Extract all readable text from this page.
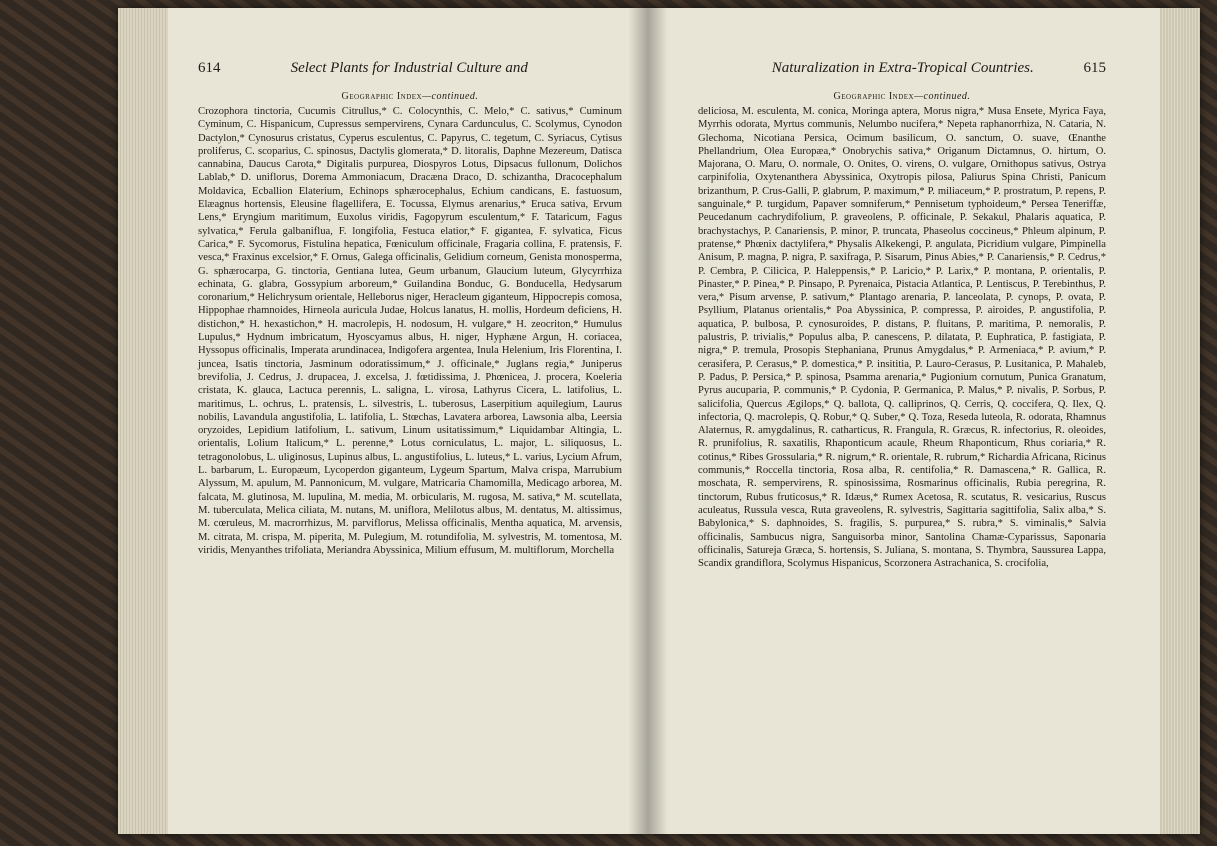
614	Select Plants for Industrial Culture and
Geographic Index—continued.
Crozophora tinctoria, Cucumis Citrullus,* C. Colocynthis, C. Melo,* C. sativus,* Cuminum Cyminum, C. Hispanicum, Cupressus sempervirens, Cynara Cardunculus, C. Scolymus, Cynodon Dactylon,* Cynosurus cristatus, Cyperus esculentus, C. Papyrus, C. tegetum, C. Syriacus, Cytisus proliferus, C. scoparius, C. spinosus, Dactylis glomerata,* D. litoralis, Daphne Mezereum, Datisca cannabina, Daucus Carota,* Digitalis purpurea, Diospyros Lotus, Dipsacus fullonum, Dolichos Lablab,* D. uniflorus, Dorema Ammoniacum, Dracæna Draco, D. schizantha, Dracocephalum Moldavica, Ecballion Elaterium, Echinops sphærocephalus, Echium candicans, E. fastuosum, Elæagnus hortensis, Eleusine flagellifera, E. Tocussa, Elymus arenarius,* Eruca sativa, Ervum Lens,* Eryngium maritimum, Euxolus viridis, Fagopyrum esculentum,* F. Tataricum, Fagus sylvatica,* Ferula galbaniflua, F. longifolia, Festuca elatior,* F. gigantea, F. sylvatica, Ficus Carica,* F. Sycomorus, Fistulina hepatica, Fœniculum officinale, Fragaria collina, F. pratensis, F. vesca,* Fraxinus excelsior,* F. Ornus, Galega officinalis, Gelidium corneum, Genista monosperma, G. sphærocarpa, G. tinctoria, Gentiana lutea, Geum urbanum, Glaucium luteum, Glycyrrhiza echinata, G. glabra, Gossypium arboreum,* Guilandina Bonduc, G. Bonducella, Hedysarum coronarium,* Helichrysum orientale, Helleborus niger, Heracleum giganteum, Hippocrepis comosa, Hippophae rhamnoides, Hirneola auricula Judae, Holcus lanatus, H. mollis, Hordeum deficiens, H. distichon,* H. hexastichon,* H. macrolepis, H. nodosum, H. vulgare,* H. zeocriton,* Humulus Lupulus,* Hydnum imbricatum, Hyoscyamus albus, H. niger, Hyphæne Argun, H. coriacea, Hyssopus officinalis, Imperata arundinacea, Indigofera argentea, Inula Helenium, Iris Florentina, I. juncea, Isatis tinctoria, Jasminum odoratissimum,* J. officinale,* Juglans regia,* Juniperus brevifolia, J. Cedrus, J. drupacea, J. excelsa, J. fœtidissima, J. Phœnicea, J. procera, Koeleria cristata, K. glauca, Lactuca perennis, L. saligna, L. virosa, Lathyrus Cicera, L. latifolius, L. maritimus, L. ochrus, L. pratensis, L. silvestris, L. tuberosus, Laserpitium aquilegium, Laurus nobilis, Lavandula angustifolia, L. latifolia, L. Stœchas, Lavatera arborea, Lawsonia alba, Leersia oryzoides, Lepidium latifolium, L. sativum, Linum usitatissimum,* Liquidambar Altingia, L. orientalis, Lolium Italicum,* L. perenne,* Lotus corniculatus, L. major, L. siliquosus, L. tetragonolobus, L. uliginosus, Lupinus albus, L. angustifolius, L. luteus,* L. varius, Lycium Afrum, L. barbarum, L. Europæum, Lycoperdon giganteum, Lygeum Spartum, Malva crispa, Marrubium Alyssum, M. apulum, M. Pannonicum, M. vulgare, Matricaria Chamomilla, Medicago arborea, M. falcata, M. glutinosa, M. lupulina, M. media, M. orbicularis, M. rugosa, M. sativa,* M. scutellata, M. tuberculata, Melica ciliata, M. nutans, M. uniflora, Melilotus albus, M. dentatus, M. altissimus, M. cœruleus, M. macrorrhizus, M. parviflorus, Melissa officinalis, Mentha aquatica, M. arvensis, M. citrata, M. crispa, M. piperita, M. Pulegium, M. rotundifolia, M. sylvestris, M. tomentosa, M. viridis, Menyanthes trifoliata, Meriandra Abyssinica, Milium effusum, M. multiflorum, Morchella
Naturalization in Extra-Tropical Countries.	615
Geographic Index—continued.
deliciosa, M. esculenta, M. conica, Moringa aptera, Morus nigra,* Musa Ensete, Myrica Faya, Myrrhis odorata, Myrtus communis, Nelumbo nucifera,* Nepeta raphanorrhiza, N. Cataria, N. Glechoma, Nicotiana Persica, Ocimum basilicum, O. sanctum, O. suave, Œnanthe Phellandrium, Olea Europæa,* Onobrychis sativa,* Origanum Dictamnus, O. hirtum, O. Majorana, O. Maru, O. normale, O. Onites, O. virens, O. vulgare, Ornithopus sativus, Ostrya carpinifolia, Oxytenanthera Abyssinica, Oxytropis pilosa, Paliurus Spina Christi, Panicum brizanthum, P. Crus-Galli, P. glabrum, P. maximum,* P. miliaceum,* P. prostratum, P. repens, P. sanguinale,* P. turgidum, Papaver somniferum,* Pennisetum typhoideum,* Persea Teneriffæ, Peucedanum cachrydifolium, P. graveolens, P. officinale, P. Sekakul, Phalaris aquatica, P. brachystachys, P. Canariensis, P. minor, P. truncata, Phaseolus coccineus,* Phleum alpinum, P. pratense,* Phœnix dactylifera,* Physalis Alkekengi, P. angulata, Picridium vulgare, Pimpinella Anisum, P. magna, P. nigra, P. saxifraga, P. Sisarum, Pinus Abies,* P. Canariensis,* P. Cedrus,* P. Cembra, P. Cilicica, P. Haleppensis,* P. Laricio,* P. Larix,* P. montana, P. orientalis, P. Pinaster,* P. Pinea,* P. Pinsapo, P. Pyrenaica, Pistacia Atlantica, P. Lentiscus, P. Terebinthus, P. vera,* Pisum arvense, P. sativum,* Plantago arenaria, P. lanceolata, P. cynops, P. ovata, P. Psyllium, Platanus orientalis,* Poa Abyssinica, P. compressa, P. airoides, P. angustifolia, P. aquatica, P. bulbosa, P. cynosuroides, P. distans, P. fluitans, P. maritima, P. nemoralis, P. palustris, P. trivialis,* Populus alba, P. canescens, P. dilatata, P. Euphratica, P. fastigiata, P. nigra,* P. tremula, Prosopis Stephaniana, Prunus Amygdalus,* P. Armeniaca,* P. avium,* P. cerasifera, P. Cerasus,* P. domestica,* P. insititia, P. Lauro-Cerasus, P. Lusitanica, P. Mahaleb, P. Padus, P. Persica,* P. spinosa, Psamma arenaria,* Pugionium cornutum, Punica Granatum, Pyrus aucuparia, P. communis,* P. Cydonia, P. Germanica, P. Malus,* P. nivalis, P. Sorbus, P. salicifolia, Quercus Ægilops,* Q. ballota, Q. calliprinos, Q. Cerris, Q. coccifera, Q. Ilex, Q. infectoria, Q. macrolepis, Q. Robur,* Q. Suber,* Q. Toza, Reseda luteola, R. odorata, Rhamnus Alaternus, R. amygdalinus, R. catharticus, R. Frangula, R. Græcus, R. infectorius, R. oleoides, R. prunifolius, R. saxatilis, Rhaponticum acaule, Rheum Rhaponticum, Rhus coriaria,* R. cotinus,* Ribes Grossularia,* R. nigrum,* R. orientale, R. rubrum,* Richardia Africana, Ricinus communis,* Roccella tinctoria, Rosa alba, R. centifolia,* R. Damascena,* R. Gallica, R. moschata, R. sempervirens, R. spinosissima, Rosmarinus officinalis, Rubia peregrina, R. tinctorum, Rubus fruticosus,* R. Idæus,* Rumex Acetosa, R. scutatus, R. vesicarius, Ruscus aculeatus, Russula vesca, Ruta graveolens, R. sylvestris, Sagittaria sagittifolia, Salix alba,* S. Babylonica,* S. daphnoides, S. fragilis, S. purpurea,* S. rubra,* S. viminalis,* Salvia officinalis, Sambucus nigra, Sanguisorba minor, Santolina Chamæ-Cyparissus, Saponaria officinalis, Satureja Græca, S. hortensis, S. Juliana, S. montana, S. Thymbra, Saussurea Lappa, Scandix grandiflora, Scolymus Hispanicus, Scorzonera Astrachanica, S. crocifolia,
